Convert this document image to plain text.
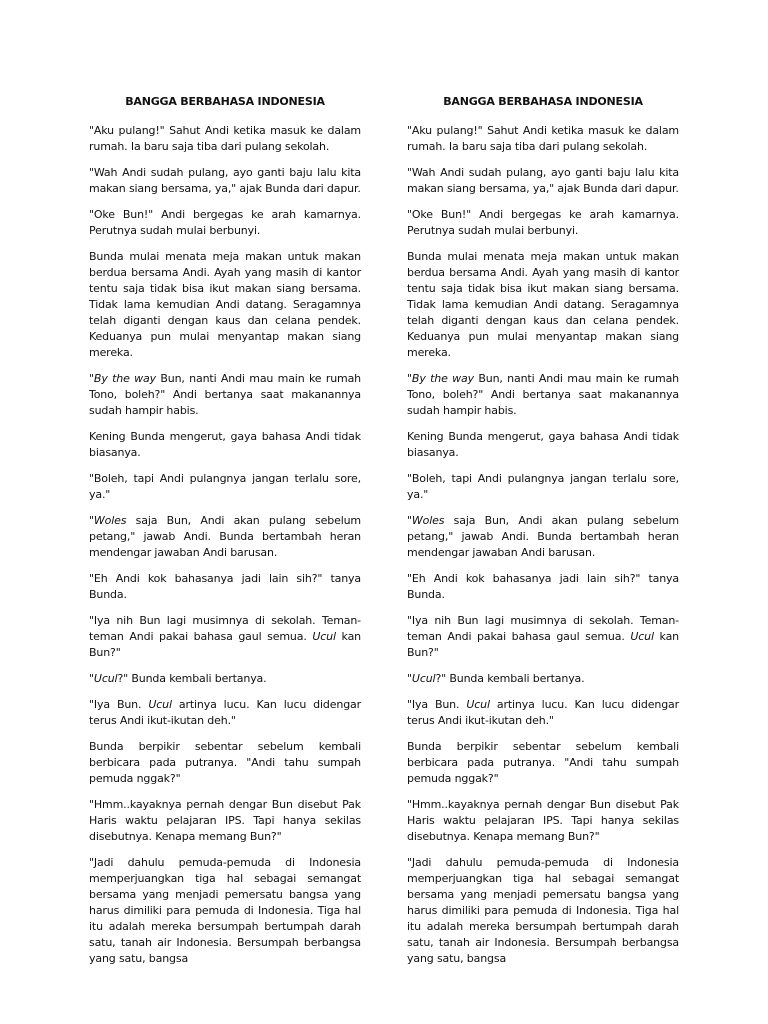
BANGGA BERBAHASA INDONESIA
"Aku pulang!" Sahut Andi ketika masuk ke dalam rumah. Ia baru saja tiba dari pulang sekolah.
"Wah Andi sudah pulang, ayo ganti baju lalu kita makan siang bersama, ya," ajak Bunda dari dapur.
"Oke Bun!" Andi bergegas ke arah kamarnya. Perutnya sudah mulai berbunyi.
Bunda mulai menata meja makan untuk makan berdua bersama Andi. Ayah yang masih di kantor tentu saja tidak bisa ikut makan siang bersama. Tidak lama kemudian Andi datang. Seragamnya telah diganti dengan kaus dan celana pendek. Keduanya pun mulai menyantap makan siang mereka.
"By the way Bun, nanti Andi mau main ke rumah Tono, boleh?" Andi bertanya saat makanannya sudah hampir habis.
Kening Bunda mengerut, gaya bahasa Andi tidak biasanya.
"Boleh, tapi Andi pulangnya jangan terlalu sore, ya."
"Woles saja Bun, Andi akan pulang sebelum petang," jawab Andi. Bunda bertambah heran mendengar jawaban Andi barusan.
"Eh Andi kok bahasanya jadi lain sih?" tanya Bunda.
"Iya nih Bun lagi musimnya di sekolah. Teman-teman Andi pakai bahasa gaul semua. Ucul kan Bun?"
"Ucul?" Bunda kembali bertanya.
"Iya Bun. Ucul artinya lucu. Kan lucu didengar terus Andi ikut-ikutan deh."
Bunda berpikir sebentar sebelum kembali berbicara pada putranya. "Andi tahu sumpah pemuda nggak?"
"Hmm..kayaknya pernah dengar Bun disebut Pak Haris waktu pelajaran IPS. Tapi hanya sekilas disebutnya. Kenapa memang Bun?"
"Jadi dahulu pemuda-pemuda di Indonesia memperjuangkan tiga hal sebagai semangat bersama yang menjadi pemersatu bangsa yang harus dimiliki para pemuda di Indonesia. Tiga hal itu adalah mereka bersumpah bertumpah darah satu, tanah air Indonesia. Bersumpah berbangsa yang satu, bangsa
BANGGA BERBAHASA INDONESIA
"Aku pulang!" Sahut Andi ketika masuk ke dalam rumah. Ia baru saja tiba dari pulang sekolah.
"Wah Andi sudah pulang, ayo ganti baju lalu kita makan siang bersama, ya," ajak Bunda dari dapur.
"Oke Bun!" Andi bergegas ke arah kamarnya. Perutnya sudah mulai berbunyi.
Bunda mulai menata meja makan untuk makan berdua bersama Andi. Ayah yang masih di kantor tentu saja tidak bisa ikut makan siang bersama. Tidak lama kemudian Andi datang. Seragamnya telah diganti dengan kaus dan celana pendek. Keduanya pun mulai menyantap makan siang mereka.
"By the way Bun, nanti Andi mau main ke rumah Tono, boleh?" Andi bertanya saat makanannya sudah hampir habis.
Kening Bunda mengerut, gaya bahasa Andi tidak biasanya.
"Boleh, tapi Andi pulangnya jangan terlalu sore, ya."
"Woles saja Bun, Andi akan pulang sebelum petang," jawab Andi. Bunda bertambah heran mendengar jawaban Andi barusan.
"Eh Andi kok bahasanya jadi lain sih?" tanya Bunda.
"Iya nih Bun lagi musimnya di sekolah. Teman-teman Andi pakai bahasa gaul semua. Ucul kan Bun?"
"Ucul?" Bunda kembali bertanya.
"Iya Bun. Ucul artinya lucu. Kan lucu didengar terus Andi ikut-ikutan deh."
Bunda berpikir sebentar sebelum kembali berbicara pada putranya. "Andi tahu sumpah pemuda nggak?"
"Hmm..kayaknya pernah dengar Bun disebut Pak Haris waktu pelajaran IPS. Tapi hanya sekilas disebutnya. Kenapa memang Bun?"
"Jadi dahulu pemuda-pemuda di Indonesia memperjuangkan tiga hal sebagai semangat bersama yang menjadi pemersatu bangsa yang harus dimiliki para pemuda di Indonesia. Tiga hal itu adalah mereka bersumpah bertumpah darah satu, tanah air Indonesia. Bersumpah berbangsa yang satu, bangsa
